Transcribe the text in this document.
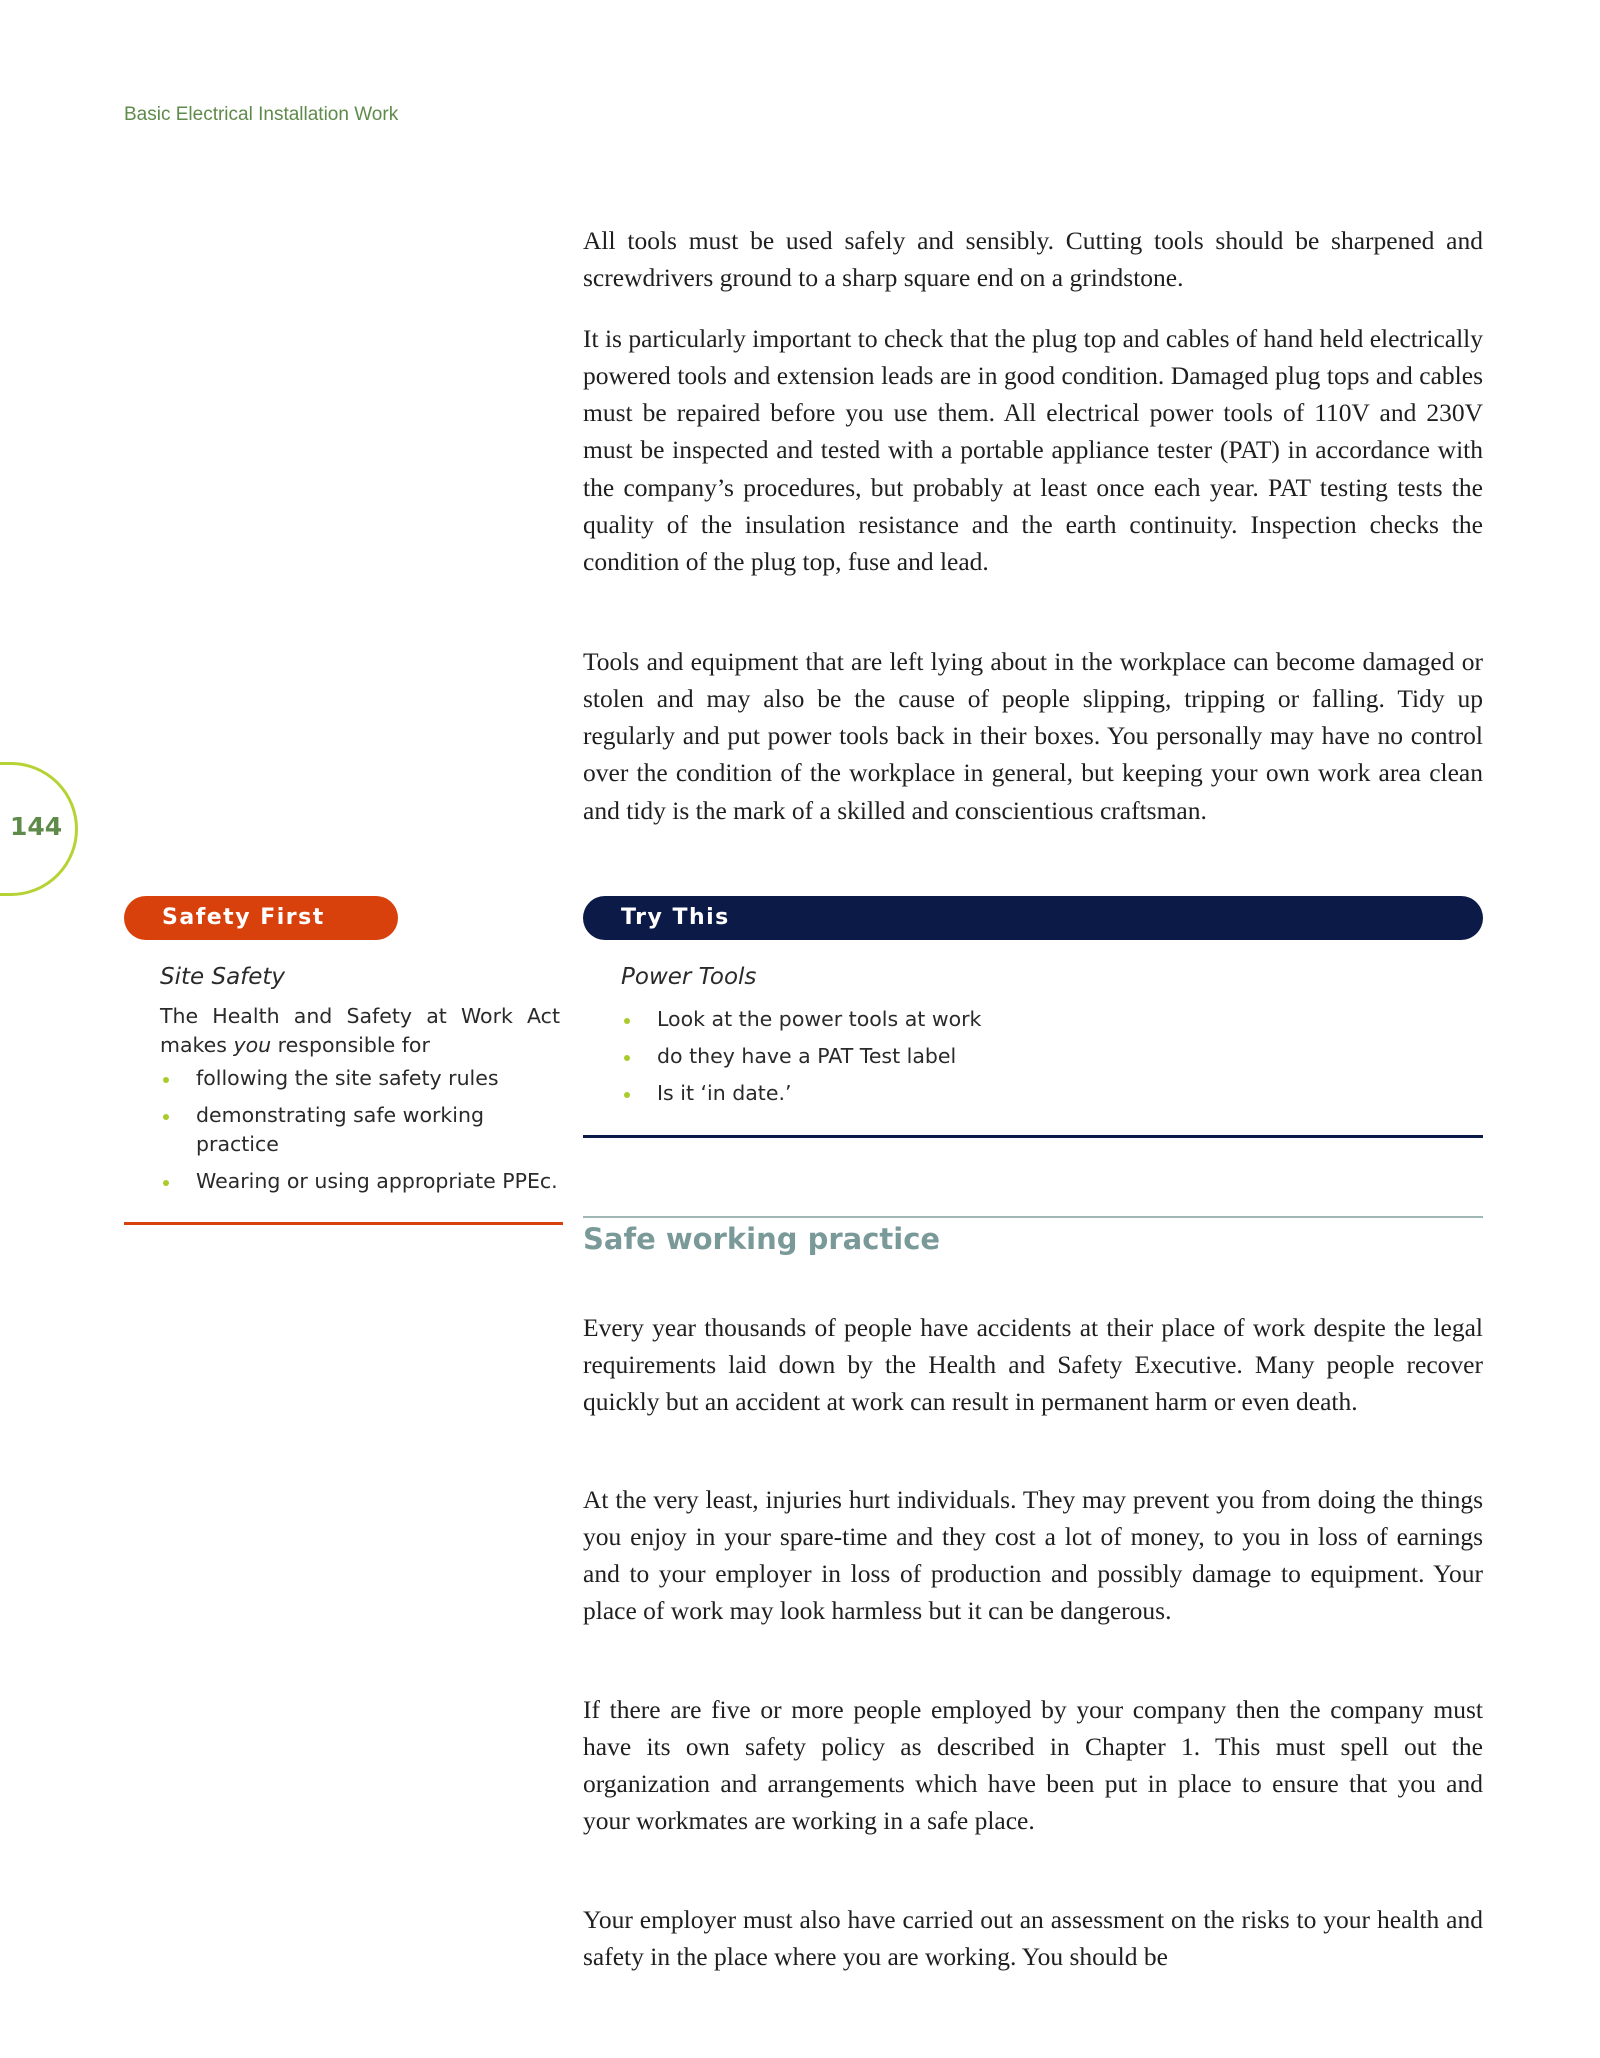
Basic Electrical Installation Work
144

All tools must be used safely and sensibly. Cutting tools should be sharpened and screwdrivers ground to a sharp square end on a grindstone.

It is particularly important to check that the plug top and cables of hand held electrically powered tools and extension leads are in good condition. Damaged plug tops and cables must be repaired before you use them. All electrical power tools of 110V and 230V must be inspected and tested with a portable appliance tester (PAT) in accordance with the company’s procedures, but probably at least once each year. PAT testing tests the quality of the insulation resistance and the earth continuity. Inspection checks the condition of the plug top, fuse and lead.

Tools and equipment that are left lying about in the workplace can become damaged or stolen and may also be the cause of people slipping, tripping or falling. Tidy up regularly and put power tools back in their boxes. You personally may have no control over the condition of the workplace in general, but keeping your own work area clean and tidy is the mark of a skilled and conscientious craftsman.

Safety First
Site Safety
The Health and Safety at Work Act makes you responsible for
following the site safety rules
demonstrating safe working practice
Wearing or using appropriate PPEc.
Try This
Power Tools
Look at the power tools at work
do they have a PAT Test label
Is it ‘in date.’
Safe working practice

Every year thousands of people have accidents at their place of work despite the legal requirements laid down by the Health and Safety Executive. Many people recover quickly but an accident at work can result in permanent harm or even death.

At the very least, injuries hurt individuals. They may prevent you from doing the things you enjoy in your spare-time and they cost a lot of money, to you in loss of earnings and to your employer in loss of production and possibly damage to equipment. Your place of work may look harmless but it can be dangerous.

If there are five or more people employed by your company then the company must have its own safety policy as described in Chapter 1. This must spell out the organization and arrangements which have been put in place to ensure that you and your workmates are working in a safe place.

Your employer must also have carried out an assessment on the risks to your health and safety in the place where you are working. You should be
